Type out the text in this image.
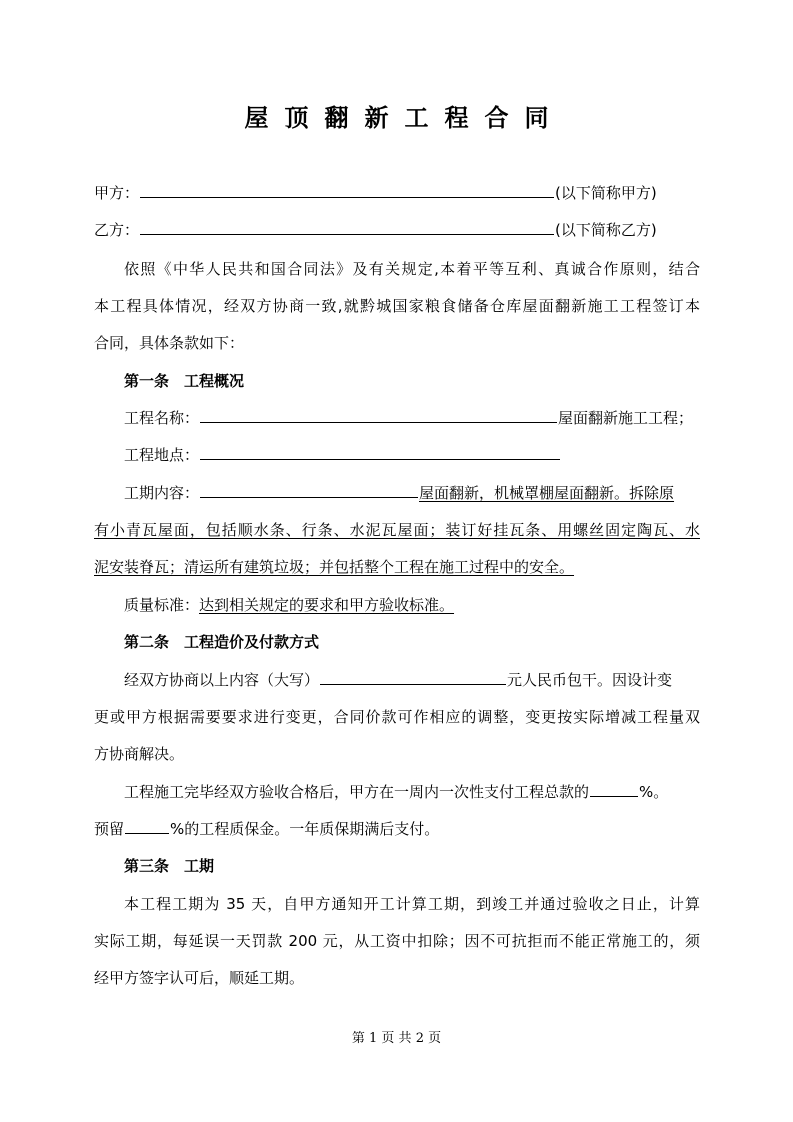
屋顶翻新工程合同
甲方：	(以下简称甲方)
乙方：	(以下简称乙方)
依照《中华人民共和国合同法》及有关规定,本着平等互利、真诚合作原则，结合
本工程具体情况，经双方协商一致,就黔城国家粮食储备仓库屋面翻新施工工程签订本
合同，具体条款如下：
第一条　工程概况
工程名称：	屋面翻新施工工程；
工程地点：
工期内容：	屋面翻新，机械罩棚屋面翻新。拆除原
有小青瓦屋面，包括顺水条、行条、水泥瓦屋面；装订好挂瓦条、用螺丝固定陶瓦、水
泥安装脊瓦；清运所有建筑垃圾；并包括整个工程在施工过程中的安全。
质量标准：达到相关规定的要求和甲方验收标准。
第二条　工程造价及付款方式
经双方协商以上内容（大写）	元人民币包干。因设计变
更或甲方根据需要要求进行变更，合同价款可作相应的调整，变更按实际增减工程量双
方协商解决。
工程施工完毕经双方验收合格后，甲方在一周内一次性支付工程总款的	%。
预留	%的工程质保金。一年质保期满后支付。
第三条　工期
本工程工期为 35 天，自甲方通知开工计算工期，到竣工并通过验收之日止，计算
实际工期，每延误一天罚款 200 元，从工资中扣除；因不可抗拒而不能正常施工的，须
经甲方签字认可后，顺延工期。
第 1 页 共 2 页
